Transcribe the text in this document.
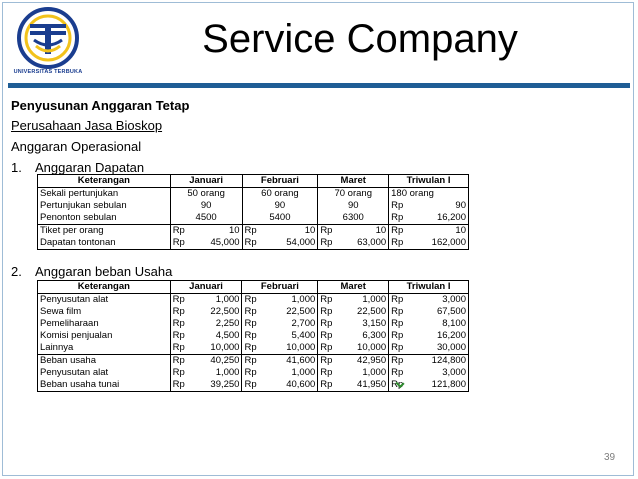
UNIVERSITAS TERBUKA
Service Company
Penyusunan Anggaran Tetap
Perusahaan Jasa Bioskop
Anggaran Operasional
1. Anggaran Dapatan
Keterangan	Januari		Februari		Maret		Triwulan I	
Sekali pertunjukan	50 orang		60 orang		70 orang		180 orang	
Pertunjukan sebulan	90		90		90		Rp	90
Penonton sebulan	4500		5400		6300		Rp	16,200
Tiket per orang	Rp	10	Rp	10	Rp	10	Rp	10
Dapatan tontonan	Rp	45,000	Rp	54,000	Rp	63,000	Rp	162,000
2. Anggaran beban Usaha
Keterangan	Januari		Februari		Maret		Triwulan I	
Penyusutan alat	Rp	1,000	Rp	1,000	Rp	1,000	Rp	3,000
Sewa film	Rp	22,500	Rp	22,500	Rp	22,500	Rp	67,500
Pemeliharaan	Rp	2,250	Rp	2,700	Rp	3,150	Rp	8,100
Komisi penjualan	Rp	4,500	Rp	5,400	Rp	6,300	Rp	16,200
Lainnya	Rp	10,000	Rp	10,000	Rp	10,000	Rp	30,000
Beban usaha	Rp	40,250	Rp	41,600	Rp	42,950	Rp	124,800
Penyusutan alat	Rp	1,000	Rp	1,000	Rp	1,000	Rp	3,000
Beban usaha tunai	Rp	39,250	Rp	40,600	Rp	41,950	Rp	121,800
39
